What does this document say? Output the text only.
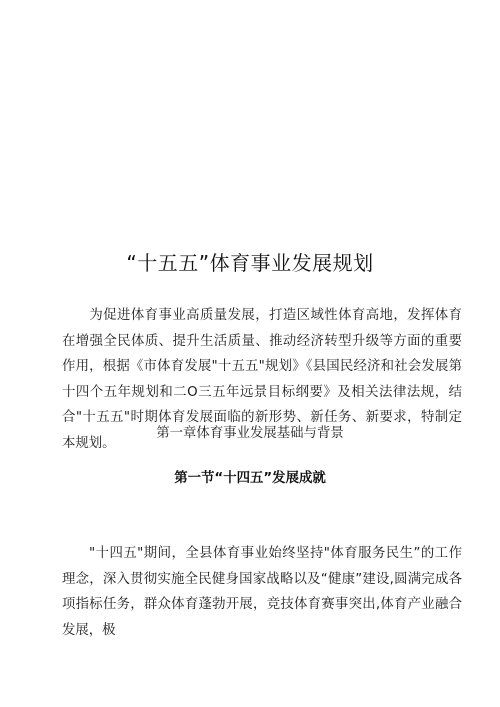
“十五五”体育事业发展规划
为促进体育事业高质量发展，打造区域性体育高地，发挥体育在增强全民体质、提升生活质量、推动经济转型升级等方面的重要作用，根据《市体育发展"十五五"规划》《县国民经济和社会发展第十四个五年规划和二O三五年远景目标纲要》及相关法律法规，结合"十五五"时期体育发展面临的新形势、新任务、新要求，特制定本规划。
第一章体育事业发展基础与背景
第一节“十四五”发展成就
"十四五"期间，全县体育事业始终坚持"体育服务民生”的工作理念，深入贯彻实施全民健身国家战略以及“健康”建设,圆满完成各项指标任务，群众体育蓬勃开展，竞技体育赛事突出,体育产业融合发展，极
